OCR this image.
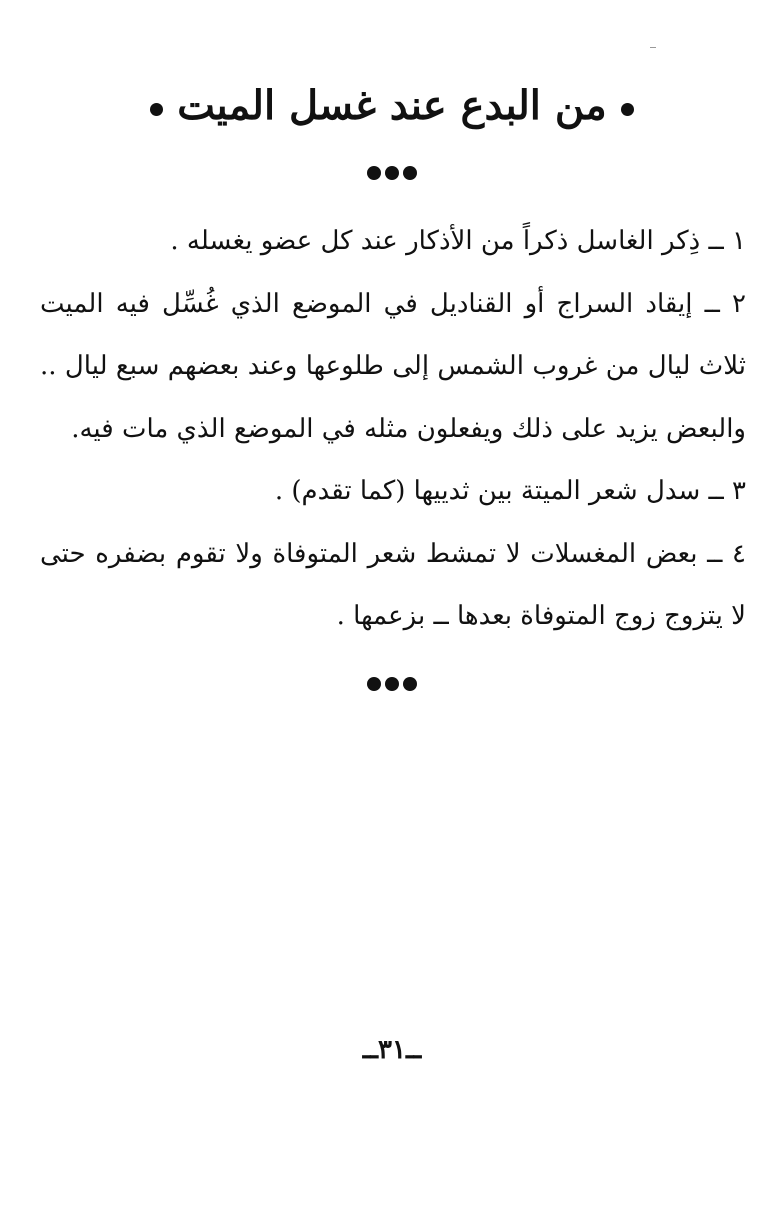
من البدع عند غسل الميت

١ ــ ذِكر الغاسل ذكراً من الأذكار عند كل عضو يغسله .

٢ ــ إيقاد السراج أو القناديل في الموضع الذي غُسِّل فيه الميت ثلاث ليال من غروب الشمس إلى طلوعها وعند بعضهم سبع ليال .. والبعض يزيد على ذلك ويفعلون مثله في الموضع الذي مات فيه.

٣ ــ سدل شعر الميتة بين ثدييها (كما تقدم) .

٤ ــ بعض المغسلات لا تمشط شعر المتوفاة ولا تقوم بضفره حتى لا يتزوج زوج المتوفاة بعدها ــ بزعمها .

ــ٣١ــ
